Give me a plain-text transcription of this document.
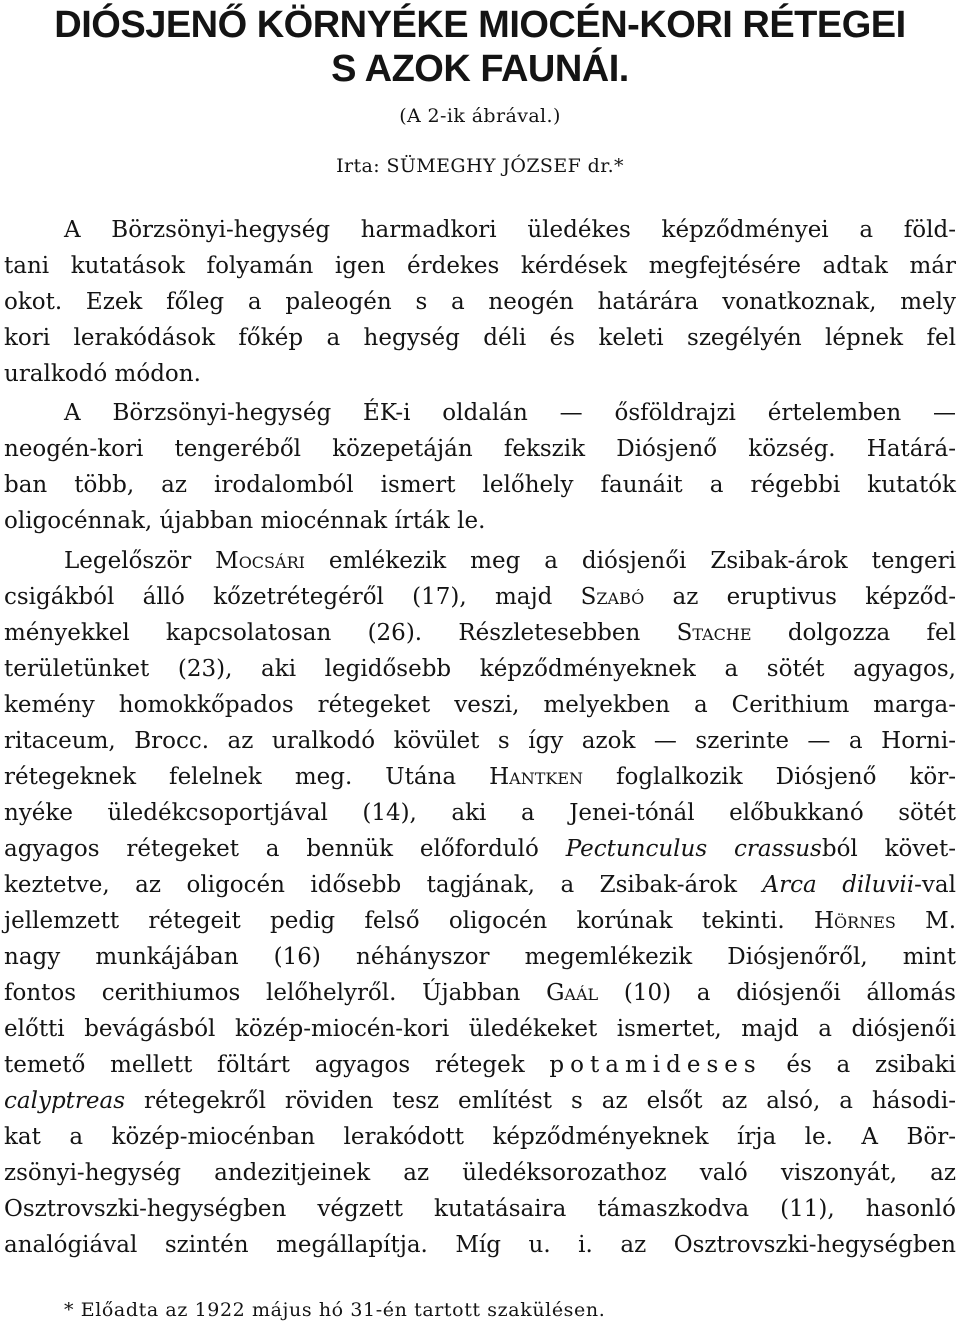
DIÓSJENŐ KÖRNYÉKE MIOCÉN-KORI RÉTEGEI
S AZOK FAUNÁI.
(A 2-ik ábrával.)
Irta: SÜMEGHY JÓZSEF dr.*
A Börzsönyi-hegység harmadkori üledékes képződményei a föld-
tani kutatások folyamán igen érdekes kérdések megfejtésére adtak már
okot. Ezek főleg a paleogén s a neogén határára vonatkoznak, mely
kori lerakódások főkép a hegység déli és keleti szegélyén lépnek fel
uralkodó módon.
A Börzsönyi-hegység ÉK-i oldalán — ősföldrajzi értelemben —
neogén-kori tengeréből közepetáján fekszik Diósjenő község. Határá-
ban több, az irodalomból ismert lelőhely faunáit a régebbi kutatók
oligocénnak, újabban miocénnak írták le.
Legelőször Mocsári emlékezik meg a diósjenői Zsibak-árok tengeri
csigákból álló kőzetrétegéről (17), majd Szabó az eruptivus képződ-
ményekkel kapcsolatosan (26). Részletesebben Stache dolgozza fel
területünket (23), aki legidősebb képződményeknek a sötét agyagos,
kemény homokkőpados rétegeket veszi, melyekben a Cerithium marga-
ritaceum, Brocc. az uralkodó kövület s így azok — szerinte — a Horni-
rétegeknek felelnek meg. Utána Hantken foglalkozik Diósjenő kör-
nyéke üledékcsoportjával (14), aki a Jenei-tónál előbukkanó sötét
agyagos rétegeket a bennük előforduló Pectunculus crassusból követ-
keztetve, az oligocén idősebb tagjának, a Zsibak-árok Arca diluvii-val
jellemzett rétegeit pedig felső oligocén korúnak tekinti. Hörnes M.
nagy munkájában (16) néhányszor megemlékezik Diósjenőről, mint
fontos cerithiumos lelőhelyről. Újabban Gaál (10) a diósjenői állomás
előtti bevágásból közép-miocén-kori üledékeket ismertet, majd a diósjenői
temető mellett föltárt agyagos rétegek potamideses és a zsibaki
calyptreas rétegekről röviden tesz említést s az elsőt az alsó, a hásodi-
kat a közép-miocénban lerakódott képződményeknek írja le. A Bör-
zsönyi-hegység andezitjeinek az üledéksorozathoz való viszonyát, az
Osztrovszki-hegységben végzett kutatásaira támaszkodva (11), hasonló
analógiával szintén megállapítja. Míg u. i. az Osztrovszki-hegységben
* Előadta az 1922 május hó 31-én tartott szakülésen.
